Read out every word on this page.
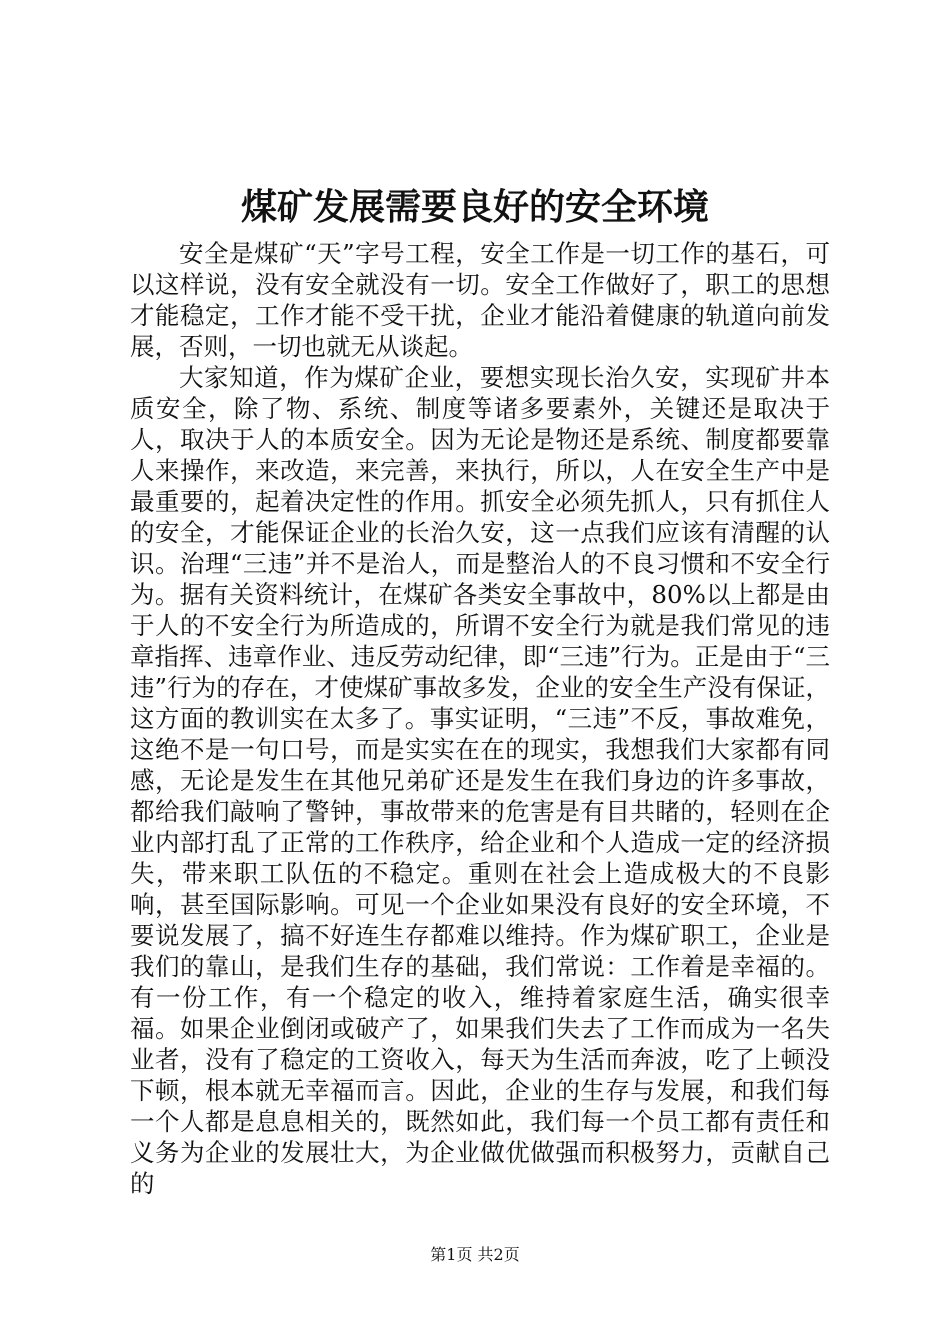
煤矿发展需要良好的安全环境

安全是煤矿“天”字号工程，安全工作是一切工作的基石，可以这样说，没有安全就没有一切。安全工作做好了，职工的思想才能稳定，工作才能不受干扰，企业才能沿着健康的轨道向前发展，否则，一切也就无从谈起。

大家知道，作为煤矿企业，要想实现长治久安，实现矿井本质安全，除了物、系统、制度等诸多要素外，关键还是取决于人，取决于人的本质安全。因为无论是物还是系统、制度都要靠人来操作，来改造，来完善，来执行，所以，人在安全生产中是最重要的，起着决定性的作用。抓安全必须先抓人，只有抓住人的安全，才能保证企业的长治久安，这一点我们应该有清醒的认识。治理“三违”并不是治人，而是整治人的不良习惯和不安全行为。据有关资料统计，在煤矿各类安全事故中，80%以上都是由于人的不安全行为所造成的，所谓不安全行为就是我们常见的违章指挥、违章作业、违反劳动纪律，即“三违”行为。正是由于“三违”行为的存在，才使煤矿事故多发，企业的安全生产没有保证，这方面的教训实在太多了。事实证明，“三违”不反，事故难免，这绝不是一句口号，而是实实在在的现实，我想我们大家都有同感，无论是发生在其他兄弟矿还是发生在我们身边的许多事故，都给我们敲响了警钟，事故带来的危害是有目共睹的，轻则在企业内部打乱了正常的工作秩序，给企业和个人造成一定的经济损失，带来职工队伍的不稳定。重则在社会上造成极大的不良影响，甚至国际影响。可见一个企业如果没有良好的安全环境，不要说发展了，搞不好连生存都难以维持。作为煤矿职工，企业是我们的靠山，是我们生存的基础，我们常说：工作着是幸福的。有一份工作，有一个稳定的收入，维持着家庭生活，确实很幸福。如果企业倒闭或破产了，如果我们失去了工作而成为一名失业者，没有了稳定的工资收入，每天为生活而奔波，吃了上顿没下顿，根本就无幸福而言。因此，企业的生存与发展，和我们每一个人都是息息相关的，既然如此，我们每一个员工都有责任和义务为企业的发展壮大，为企业做优做强而积极努力，贡献自己的

第1页 共2页
